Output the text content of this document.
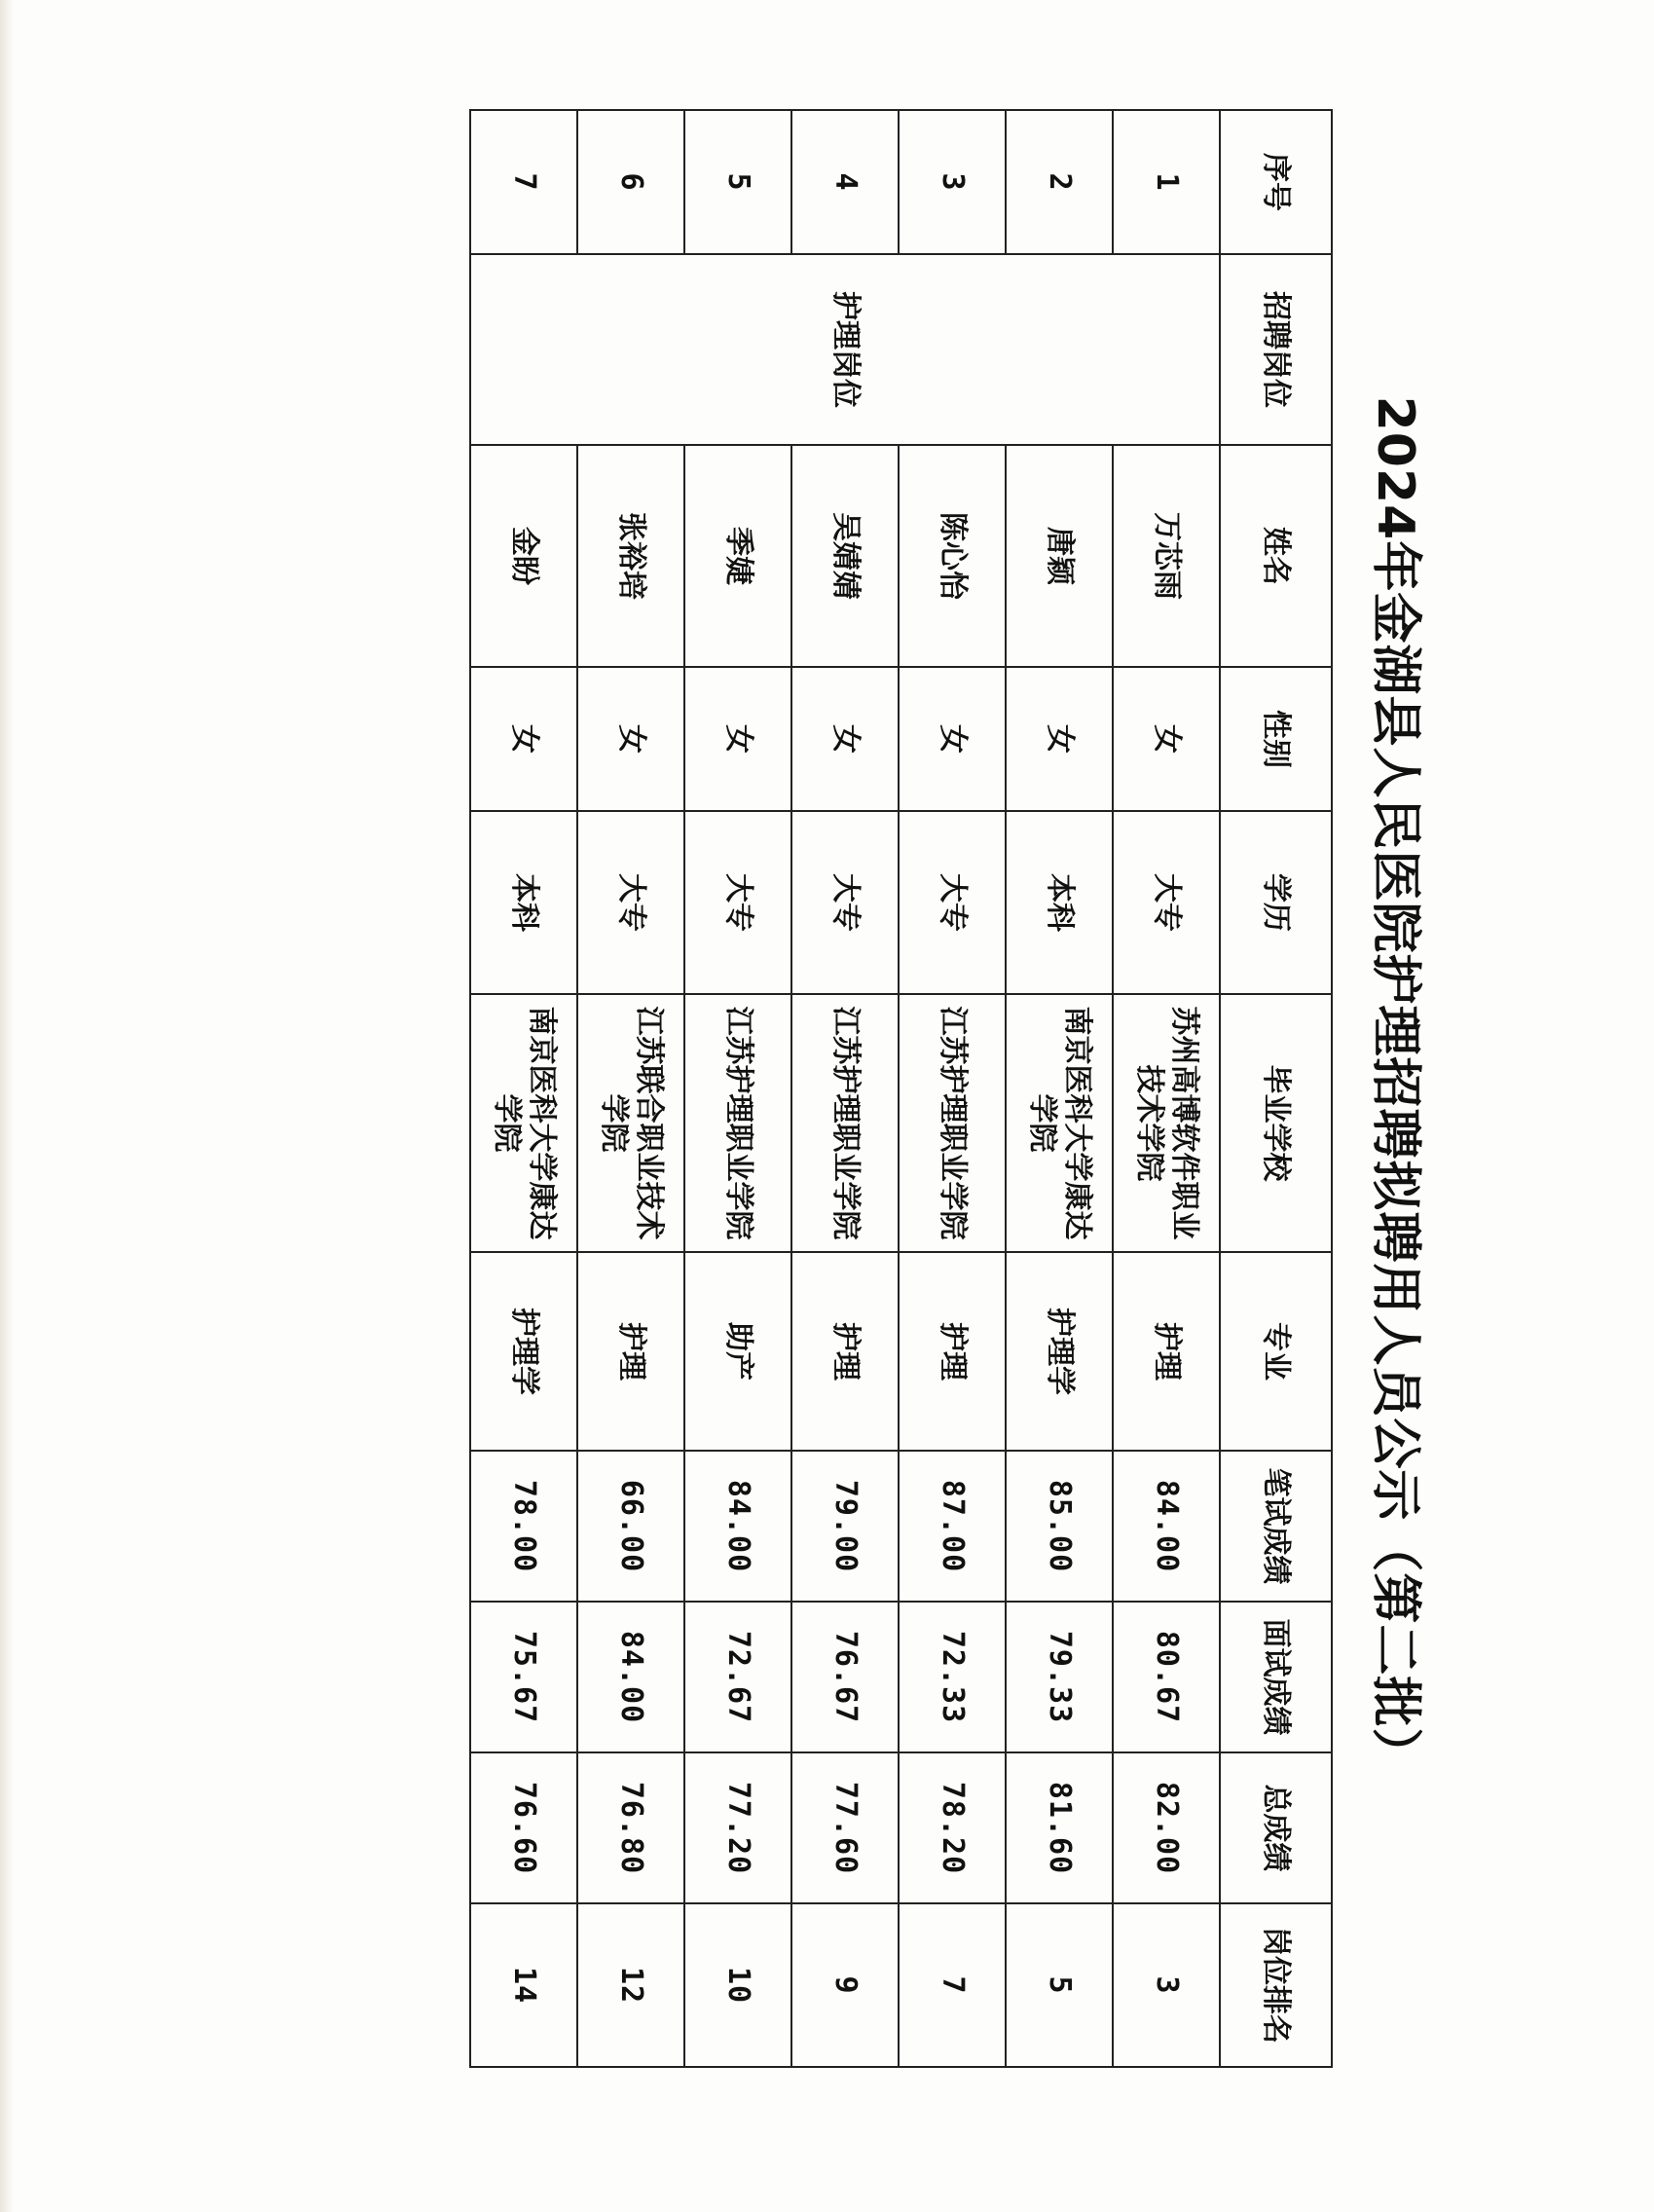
2024年金湖县人民医院护理招聘拟聘用人员公示（第二批）
序号	招聘岗位	姓名	性别	学历	毕业学校	专业	笔试成绩	面试成绩	总成绩	岗位排名
1	护理岗位	万芯雨	女	大专	苏州高博软件职业技术学院	护理	84.00	80.67	82.00	3
2		唐颖	女	本科	南京医科大学康达学院	护理学	85.00	79.33	81.60	5
3		陈心怡	女	大专	江苏护理职业学院	护理	87.00	72.33	78.20	7
4		吴婧婧	女	大专	江苏护理职业学院	护理	79.00	76.67	77.60	9
5		季婕	女	大专	江苏护理职业学院	助产	84.00	72.67	77.20	10
6		张裕培	女	大专	江苏联合职业技术学院	护理	66.00	84.00	76.80	12
7		金盼	女	本科	南京医科大学康达学院	护理学	78.00	75.67	76.60	14
